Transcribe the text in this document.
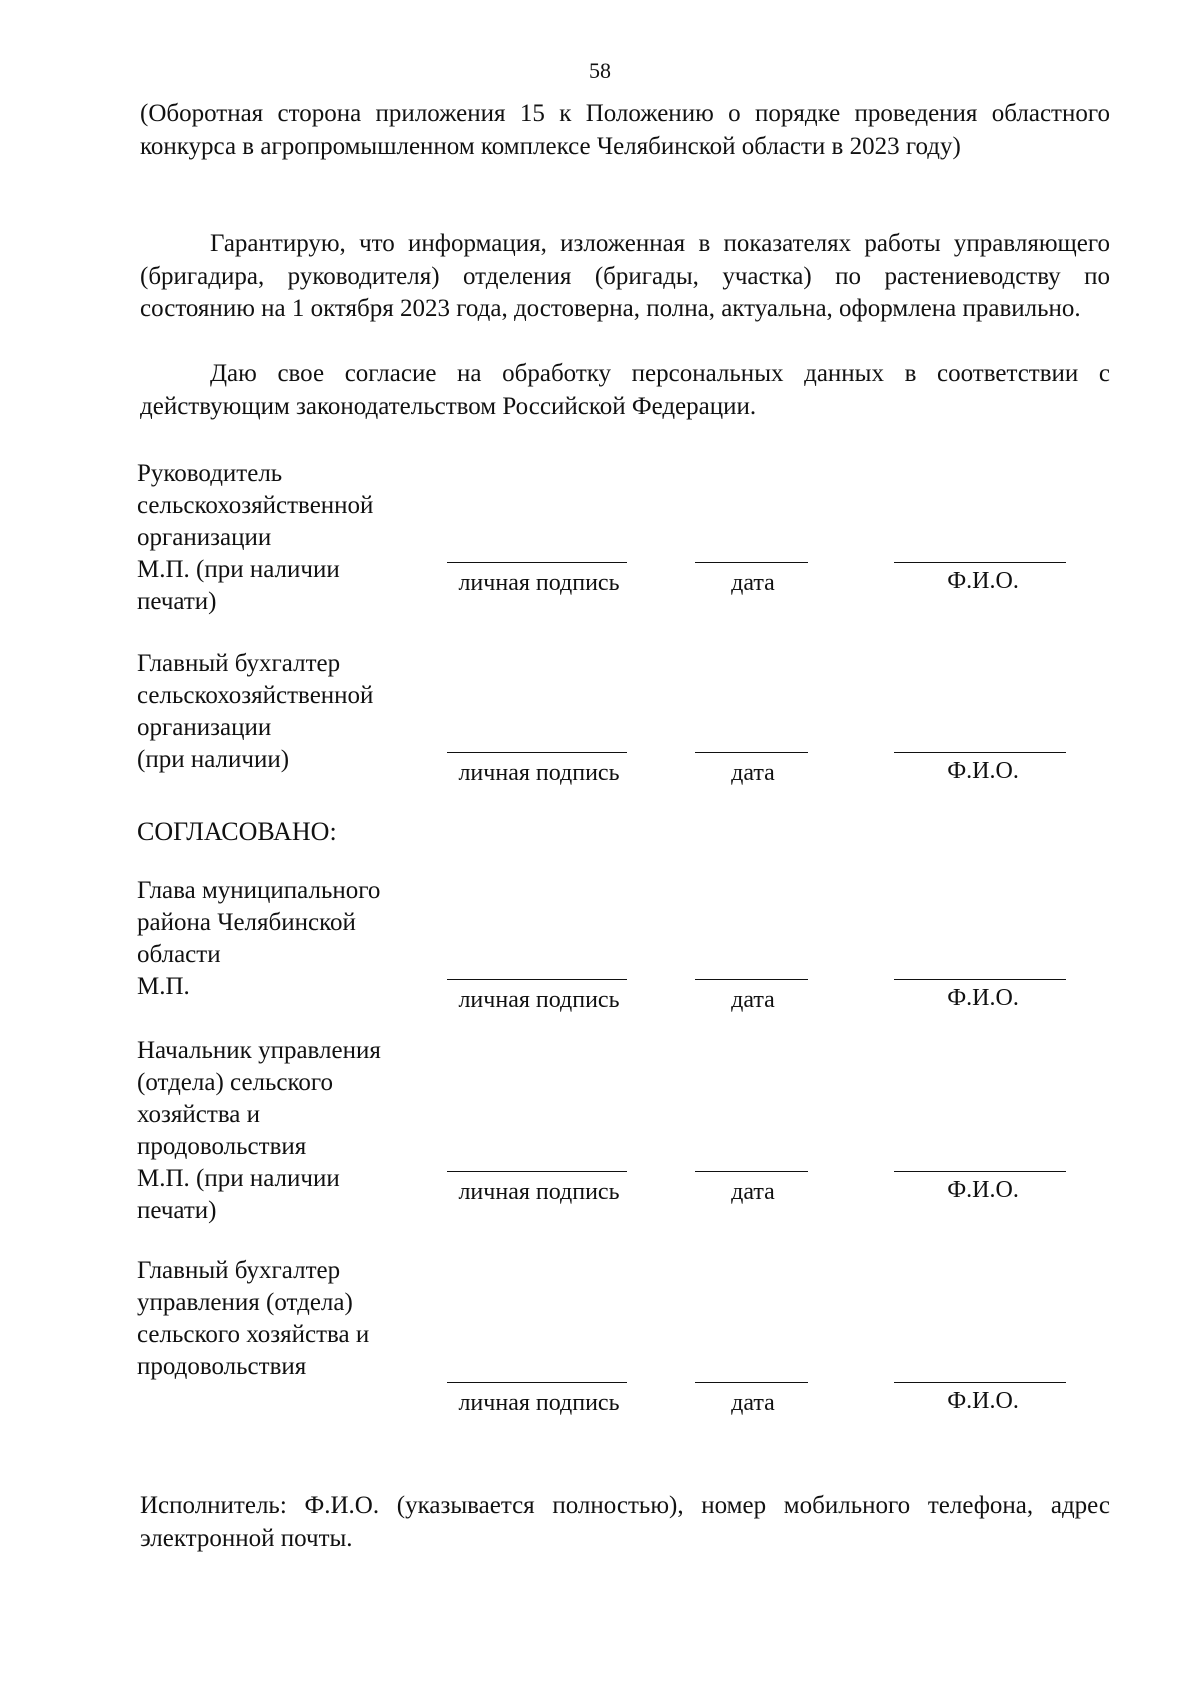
58

(Оборотная сторона приложения 15 к Положению о порядке проведения областного конкурса в агропромышленном комплексе Челябинской области в 2023 году)

Гарантирую, что информация, изложенная в показателях работы управляющего (бригадира, руководителя) отделения (бригады, участка) по растениеводству по состоянию на 1 октября 2023 года, достоверна, полна, актуальна, оформлена правильно.

Даю свое согласие на обработку персональных данных в соответствии с действующим законодательством Российской Федерации.

Руководитель
сельскохозяйственной
организации
М.П. (при наличии
печати)
личная подпись	дата	Ф.И.О.
Главный бухгалтер
сельскохозяйственной
организации
(при наличии)	личная подпись	дата	Ф.И.О.
СОГЛАСОВАНО:
Глава муниципального
района Челябинской
области
М.П.	личная подпись	дата	Ф.И.О.
Начальник управления
(отдела) сельского
хозяйства и
продовольствия
М.П. (при наличии
печати)
личная подпись	дата	Ф.И.О.
Главный бухгалтер
управления (отдела)
сельского хозяйства и
продовольствия
личная подпись	дата	Ф.И.О.

Исполнитель: Ф.И.О. (указывается полностью), номер мобильного телефона, адрес электронной почты.
